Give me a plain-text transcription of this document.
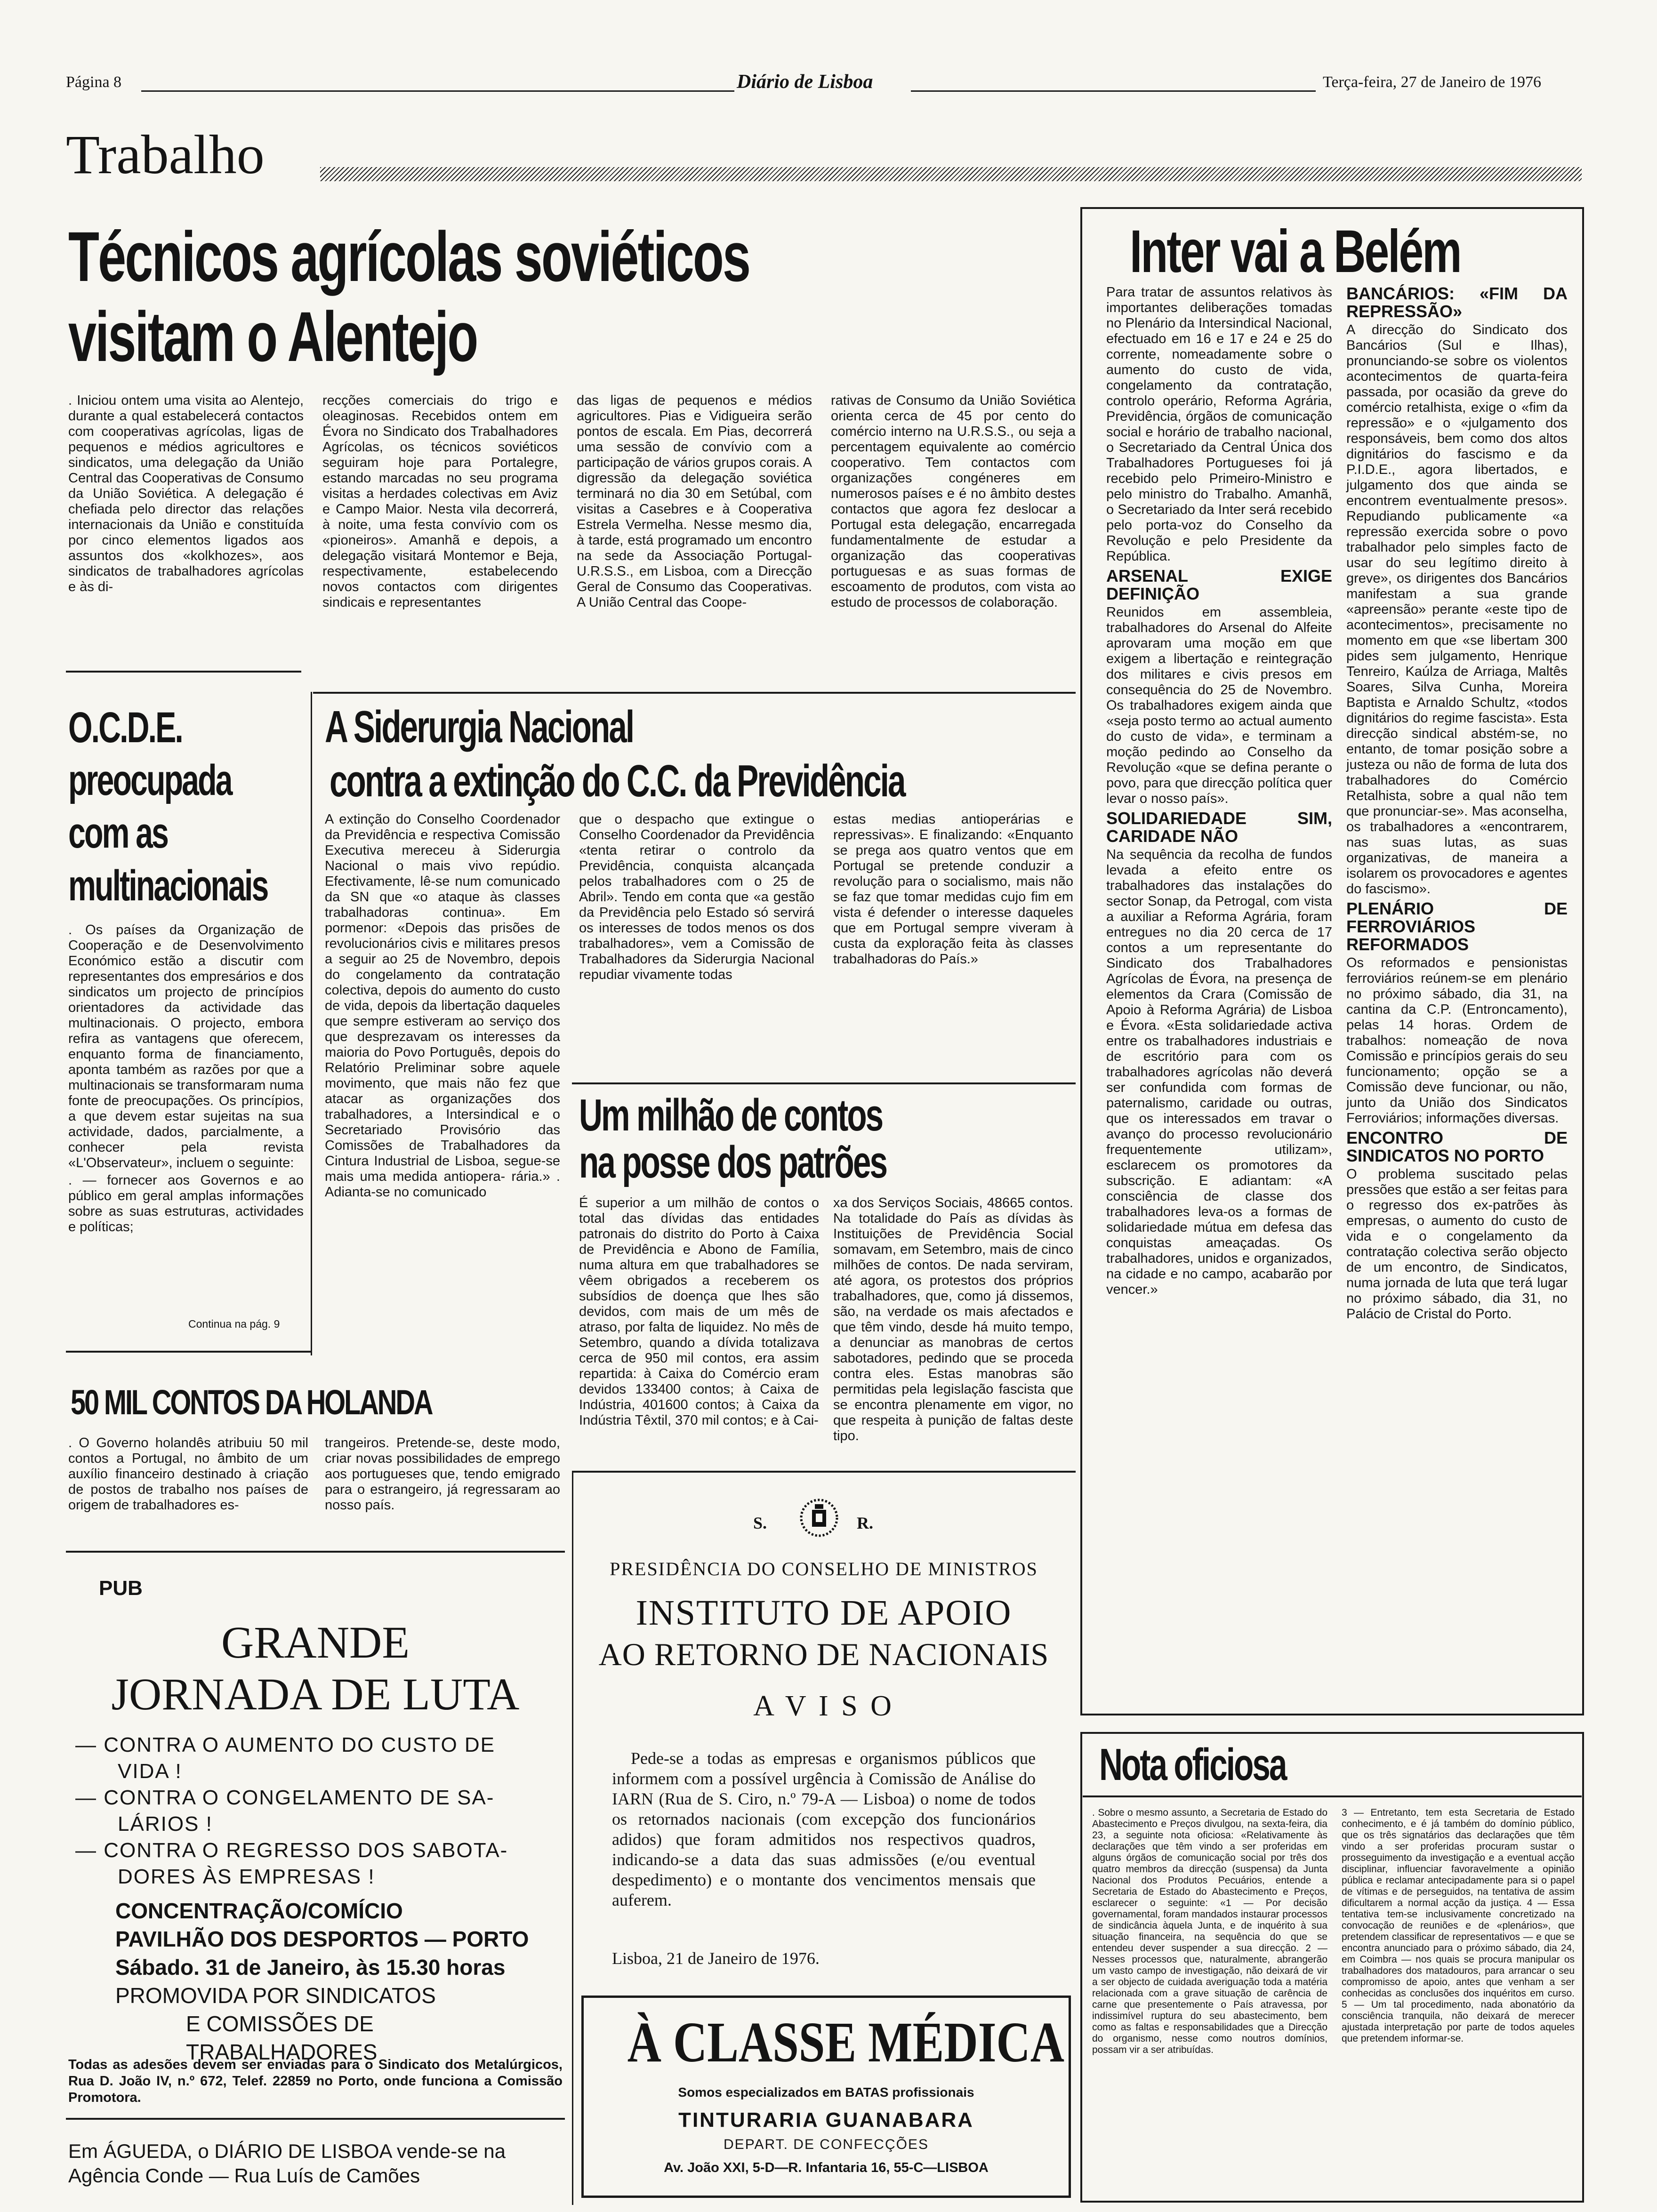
Página 8	Diário de Lisboa	Terça-feira, 27 de Janeiro de 1976
Trabalho
Técnicos agrícolas soviéticos
visitam o Alentejo
. Iniciou ontem uma visita ao Alentejo, durante a qual estabelecerá contactos com cooperativas agrícolas, ligas de pequenos e médios agricultores e sindicatos, uma delegação da União Central das Cooperativas de Consumo da União Soviética. A delegação é chefiada pelo director das relações internacionais da União e constituída por cinco elementos ligados aos assuntos dos «kolkhozes», aos sindicatos de trabalhadores agrícolas e às di-
recções comerciais do trigo e oleaginosas. Recebidos ontem em Évora no Sindicato dos Trabalhadores Agrícolas, os técnicos soviéticos seguiram hoje para Portalegre, estando marcadas no seu programa visitas a herdades colectivas em Aviz e Campo Maior. Nesta vila decorrerá, à noite, uma festa convívio com os «pioneiros». Amanhã e depois, a delegação visitará Montemor e Beja, respectivamente, estabelecendo novos contactos com dirigentes sindicais e representantes
das ligas de pequenos e médios agricultores. Pias e Vidigueira serão pontos de escala. Em Pias, decorrerá uma sessão de convívio com a participação de vários grupos corais. A digressão da delegação soviética terminará no dia 30 em Setúbal, com visitas a Casebres e à Cooperativa Estrela Vermelha. Nesse mesmo dia, à tarde, está programado um encontro na sede da Associação Portugal-U.R.S.S., em Lisboa, com a Direcção Geral de Consumo das Cooperativas. A União Central das Coope-
rativas de Consumo da União Soviética orienta cerca de 45 por cento do comércio interno na U.R.S.S., ou seja a percentagem equivalente ao comércio cooperativo. Tem contactos com organizações congéneres em numerosos países e é no âmbito destes contactos que agora fez deslocar a Portugal esta delegação, encarregada fundamentalmente de estudar a organização das cooperativas portuguesas e as suas formas de escoamento de produtos, com vista ao estudo de processos de colaboração.
O.C.D.E.
preocupada
com as
multinacionais
. Os países da Organização de Cooperação e de Desenvolvimento Económico estão a discutir com representantes dos empresários e dos sindicatos um projecto de princípios orientadores da actividade das multinacionais. O projecto, embora refira as vantagens que oferecem, enquanto forma de financiamento, aponta também as razões por que a multinacionais se transformaram numa fonte de preocupações. Os princípios, a que devem estar sujeitas na sua actividade, dados, parcialmente, a conhecer pela revista «L'Observateur», incluem o seguinte:
. — fornecer aos Governos e ao público em geral amplas informações sobre as suas estruturas, actividades e políticas;
Continua na pág. 9
A Siderurgia Nacional
contra a extinção do C.C. da Previdência
A extinção do Conselho Coordenador da Previdência e respectiva Comissão Executiva mereceu à Siderurgia Nacional o mais vivo repúdio. Efectivamente, lê-se num comunicado da SN que «o ataque às classes trabalhadoras continua». Em pormenor: «Depois das prisões de revolucionários civis e militares presos a seguir ao 25 de Novembro, depois do congelamento da contratação colectiva, depois do aumento do custo de vida, depois da libertação daqueles que sempre estiveram ao serviço dos que desprezavam os interesses da maioria do Povo Português, depois do Relatório Preliminar sobre aquele movimento, que mais não fez que atacar as organizações dos trabalhadores, a Intersindical e o Secretariado Provisório das Comissões de Trabalhadores da Cintura Industrial de Lisboa, segue-se mais uma medida antiopera- rária.» . Adianta-se no comunicado
que o despacho que extingue o Conselho Coordenador da Previdência «tenta retirar o controlo da Previdência, conquista alcançada pelos trabalhadores com o 25 de Abril». Tendo em conta que «a gestão da Previdência pelo Estado só servirá os interesses de todos menos os dos trabalhadores», vem a Comissão de Trabalhadores da Siderurgia Nacional repudiar vivamente todas
estas medias antioperárias e repressivas». E finalizando: «Enquanto se prega aos quatro ventos que em Portugal se pretende conduzir a revolução para o socialismo, mais não se faz que tomar medidas cujo fim em vista é defender o interesse daqueles que em Portugal sempre viveram à custa da exploração feita às classes trabalhadoras do País.»
Um milhão de contos
na posse dos patrões
É superior a um milhão de contos o total das dívidas das entidades patronais do distrito do Porto à Caixa de Previdência e Abono de Família, numa altura em que trabalhadores se vêem obrigados a receberem os subsídios de doença que lhes são devidos, com mais de um mês de atraso, por falta de liquidez. No mês de Setembro, quando a dívida totalizava cerca de 950 mil contos, era assim repartida: à Caixa do Comércio eram devidos 133400 contos; à Caixa de Indústria, 401600 contos; à Caixa da Indústria Têxtil, 370 mil contos; e à Cai-
xa dos Serviços Sociais, 48665 contos. Na totalidade do País as dívidas às Instituições de Previdência Social somavam, em Setembro, mais de cinco milhões de contos. De nada serviram, até agora, os protestos dos próprios trabalhadores, que, como já dissemos, são, na verdade os mais afectados e que têm vindo, desde há muito tempo, a denunciar as manobras de certos sabotadores, pedindo que se proceda contra eles. Estas manobras são permitidas pela legislação fascista que se encontra plenamente em vigor, no que respeita à punição de faltas deste tipo.
50 MIL CONTOS DA HOLANDA
. O Governo holandês atribuiu 50 mil contos a Portugal, no âmbito de um auxílio financeiro destinado à criação de postos de trabalho nos países de origem de trabalhadores es-
trangeiros. Pretende-se, deste modo, criar novas possibilidades de emprego aos portugueses que, tendo emigrado para o estrangeiro, já regressaram ao nosso país.
PUB
GRANDE
JORNADA DE LUTA
— CONTRA O AUMENTO DO CUSTO DE
VIDA !
— CONTRA O CONGELAMENTO DE SA-
LÁRIOS !
— CONTRA O REGRESSO DOS SABOTA-
DORES ÀS EMPRESAS !
CONCENTRAÇÃO/COMÍCIO
PAVILHÃO DOS DESPORTOS — PORTO
Sábado. 31 de Janeiro, às 15.30 horas
PROMOVIDA POR SINDICATOS
E COMISSÕES DE TRABALHADORES
Todas as adesões devem ser enviadas para o Sindicato dos Metalúrgicos, Rua D. João IV, n.º 672, Telef. 22859 no Porto, onde funciona a Comissão Promotora.
Em ÁGUEDA, o DIÁRIO DE LISBOA vende-se na
Agência Conde — Rua Luís de Camões
S.	R.
PRESIDÊNCIA DO CONSELHO DE MINISTROS
INSTITUTO DE APOIO
AO RETORNO DE NACIONAIS
A V I S O
Pede-se a todas as empresas e organismos públicos que informem com a possível urgência à Comissão de Análise do IARN (Rua de S. Ciro, n.º 79-A — Lisboa) o nome de todos os retornados nacionais (com excepção dos funcionários adidos) que foram admitidos nos respectivos quadros, indicando-se a data das suas admissões (e/ou eventual despedimento) e o montante dos vencimentos mensais que auferem.
Lisboa, 21 de Janeiro de 1976.
À CLASSE MÉDICA
Somos especializados em BATAS profissionais
TINTURARIA GUANABARA
DEPART. DE CONFECÇÕES
Av. João XXI, 5-D—R. Infantaria 16, 55-C—LISBOA
Inter vai a Belém
Para tratar de assuntos relativos às importantes deliberações tomadas no Plenário da Intersindical Nacional, efectuado em 16 e 17 e 24 e 25 do corrente, nomeadamente sobre o aumento do custo de vida, congelamento da contratação, controlo operário, Reforma Agrária, Previdência, órgãos de comunicação social e horário de trabalho nacional, o Secretariado da Central Única dos Trabalhadores Portugueses foi já recebido pelo Primeiro-Ministro e pelo ministro do Trabalho. Amanhã, o Secretariado da Inter será recebido pelo porta-voz do Conselho da Revolução e pelo Presidente da República.
ARSENAL EXIGE DEFINIÇÃO
Reunidos em assembleia, trabalhadores do Arsenal do Alfeite aprovaram uma moção em que exigem a libertação e reintegração dos militares e civis presos em consequência do 25 de Novembro. Os trabalhadores exigem ainda que «seja posto termo ao actual aumento do custo de vida», e terminam a moção pedindo ao Conselho da Revolução «que se defina perante o povo, para que direcção política quer levar o nosso país».
SOLIDARIEDADE SIM, CARIDADE NÃO
Na sequência da recolha de fundos levada a efeito entre os trabalhadores das instalações do sector Sonap, da Petrogal, com vista a auxiliar a Reforma Agrária, foram entregues no dia 20 cerca de 17 contos a um representante do Sindicato dos Trabalhadores Agrícolas de Évora, na presença de elementos da Crara (Comissão de Apoio à Reforma Agrária) de Lisboa e Évora. «Esta solidariedade activa entre os trabalhadores industriais e de escritório para com os trabalhadores agrícolas não deverá ser confundida com formas de paternalismo, caridade ou outras, que os interessados em travar o avanço do processo revolucionário frequentemente utilizam», esclarecem os promotores da subscrição. E adiantam: «A consciência de classe dos trabalhadores leva-os a formas de solidariedade mútua em defesa das conquistas ameaçadas. Os trabalhadores, unidos e organizados, na cidade e no campo, acabarão por vencer.»
BANCÁRIOS: «FIM DA REPRESSÃO»
A direcção do Sindicato dos Bancários (Sul e Ilhas), pronunciando-se sobre os violentos acontecimentos de quarta-feira passada, por ocasião da greve do comércio retalhista, exige o «fim da repressão» e o «julgamento dos responsáveis, bem como dos altos dignitários do fascismo e da P.I.D.E., agora libertados, e julgamento dos que ainda se encontrem eventualmente presos». Repudiando publicamente «a repressão exercida sobre o povo trabalhador pelo simples facto de usar do seu legítimo direito à greve», os dirigentes dos Bancários manifestam a sua grande «apreensão» perante «este tipo de acontecimentos», precisamente no momento em que «se libertam 300 pides sem julgamento, Henrique Tenreiro, Kaúlza de Arriaga, Maltês Soares, Silva Cunha, Moreira Baptista e Arnaldo Schultz, «todos dignitários do regime fascista». Esta direcção sindical abstém-se, no entanto, de tomar posição sobre a justeza ou não de forma de luta dos trabalhadores do Comércio Retalhista, sobre a qual não tem que pronunciar-se». Mas aconselha, os trabalhadores a «encontrarem, nas suas lutas, as suas organizativas, de maneira a isolarem os provocadores e agentes do fascismo».
PLENÁRIO DE FERROVIÁRIOS REFORMADOS
Os reformados e pensionistas ferroviários reúnem-se em plenário no próximo sábado, dia 31, na cantina da C.P. (Entroncamento), pelas 14 horas. Ordem de trabalhos: nomeação de nova Comissão e princípios gerais do seu funcionamento; opção se a Comissão deve funcionar, ou não, junto da União dos Sindicatos Ferroviários; informações diversas.
ENCONTRO DE SINDICATOS NO PORTO
O problema suscitado pelas pressões que estão a ser feitas para o regresso dos ex-patrões às empresas, o aumento do custo de vida e o congelamento da contratação colectiva serão objecto de um encontro, de Sindicatos, numa jornada de luta que terá lugar no próximo sábado, dia 31, no Palácio de Cristal do Porto.
Nota oficiosa
. Sobre o mesmo assunto, a Secretaria de Estado do Abastecimento e Preços divulgou, na sexta-feira, dia 23, a seguinte nota oficiosa: «Relativamente às declarações que têm vindo a ser proferidas em alguns órgãos de comunicação social por três dos quatro membros da direcção (suspensa) da Junta Nacional dos Produtos Pecuários, entende a Secretaria de Estado do Abastecimento e Preços, esclarecer o seguinte: «1 — Por decisão governamental, foram mandados instaurar processos de sindicância àquela Junta, e de inquérito à sua situação financeira, na sequência do que se entendeu dever suspender a sua direcção. 2 — Nesses processos que, naturalmente, abrangerão um vasto campo de investigação, não deixará de vir a ser objecto de cuidada averiguação toda a matéria relacionada com a grave situação de carência de carne que presentemente o País atravessa, por indissimível ruptura do seu abastecimento, bem como as faltas e responsabilidades que a Direcção do organismo, nesse como noutros domínios, possam vir a ser atribuídas.
3 — Entretanto, tem esta Secretaria de Estado conhecimento, e é já também do domínio público, que os três signatários das declarações que têm vindo a ser proferidas procuram sustar o prosseguimento da investigação e a eventual acção disciplinar, influenciar favoravelmente a opinião pública e reclamar antecipadamente para si o papel de vítimas e de perseguidos, na tentativa de assim dificultarem a normal acção da justiça. 4 — Essa tentativa tem-se inclusivamente concretizado na convocação de reuniões e de «plenários», que pretendem classificar de representativos — e que se encontra anunciado para o próximo sábado, dia 24, em Coimbra — nos quais se procura manipular os trabalhadores dos matadouros, para arrancar o seu compromisso de apoio, antes que venham a ser conhecidas as conclusões dos inquéritos em curso. 5 — Um tal procedimento, nada abonatório da consciência tranquila, não deixará de merecer ajustada interpretação por parte de todos aqueles que pretendem informar-se.
